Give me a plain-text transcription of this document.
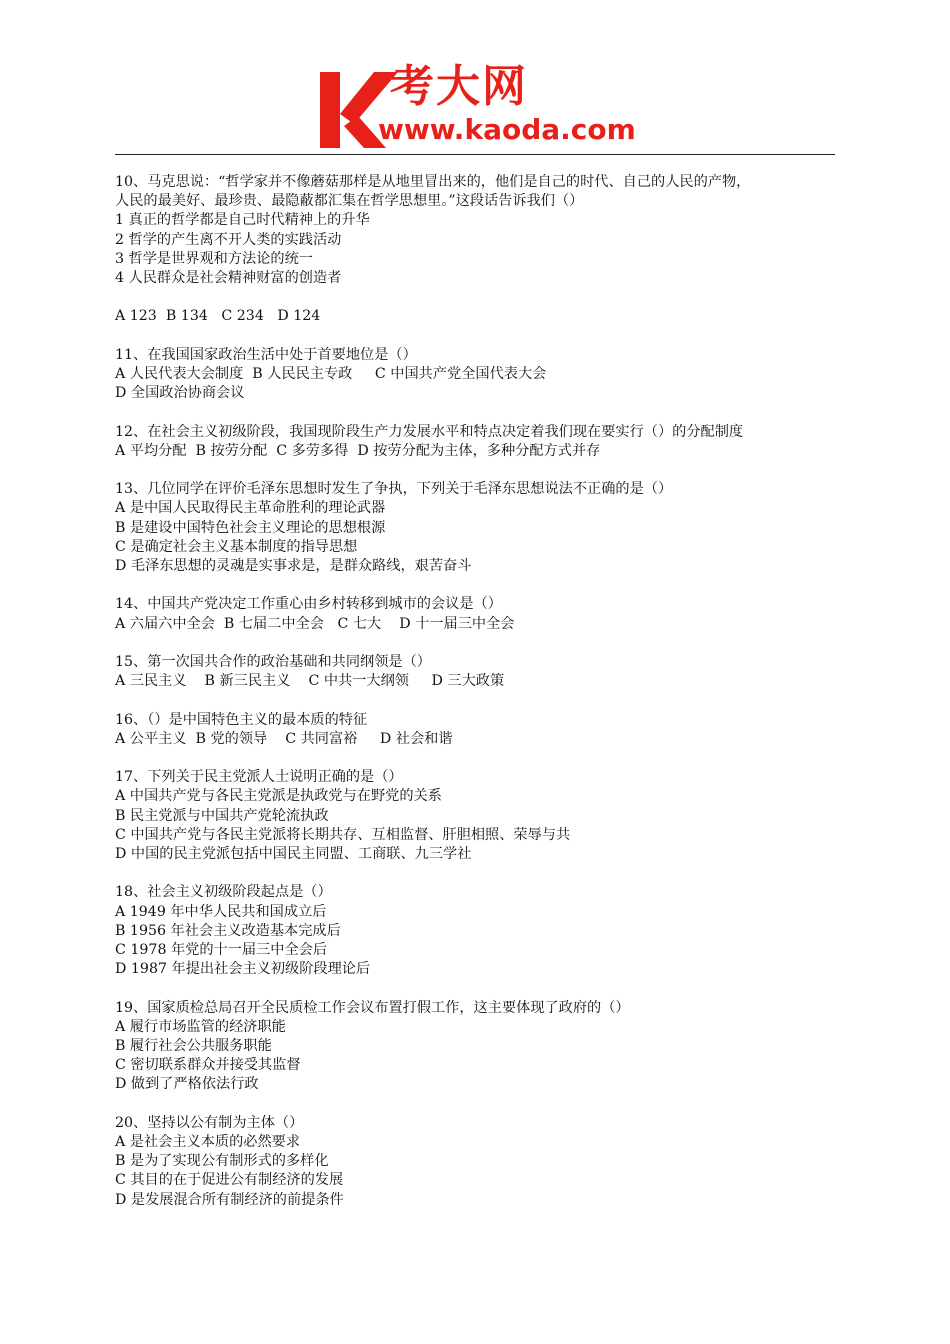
考大网
www.kaoda.com
10、马克思说：“哲学家并不像蘑菇那样是从地里冒出来的，他们是自己的时代、自己的人民的产物，
人民的最美好、最珍贵、最隐蔽都汇集在哲学思想里。”这段话告诉我们（）
1 真正的哲学都是自己时代精神上的升华
2 哲学的产生离不开人类的实践活动
3 哲学是世界观和方法论的统一
4 人民群众是社会精神财富的创造者
A 123  B 134   C 234   D 124
11、在我国国家政治生活中处于首要地位是（）
A 人民代表大会制度  B 人民民主专政     C 中国共产党全国代表大会
D 全国政治协商会议
12、在社会主义初级阶段，我国现阶段生产力发展水平和特点决定着我们现在要实行（）的分配制度
A 平均分配  B 按劳分配  C 多劳多得  D 按劳分配为主体，多种分配方式并存
13、几位同学在评价毛泽东思想时发生了争执，下列关于毛泽东思想说法不正确的是（）
A 是中国人民取得民主革命胜利的理论武器
B 是建设中国特色社会主义理论的思想根源
C 是确定社会主义基本制度的指导思想
D 毛泽东思想的灵魂是实事求是，是群众路线，艰苦奋斗
14、中国共产党决定工作重心由乡村转移到城市的会议是（）
A 六届六中全会  B 七届二中全会   C 七大    D 十一届三中全会
15、第一次国共合作的政治基础和共同纲领是（）
A 三民主义    B 新三民主义    C 中共一大纲领     D 三大政策
16、（）是中国特色主义的最本质的特征
A 公平主义  B 党的领导    C 共同富裕     D 社会和谐
17、下列关于民主党派人士说明正确的是（）
A 中国共产党与各民主党派是执政党与在野党的关系
B 民主党派与中国共产党轮流执政
C 中国共产党与各民主党派将长期共存、互相监督、肝胆相照、荣辱与共
D 中国的民主党派包括中国民主同盟、工商联、九三学社
18、社会主义初级阶段起点是（）
A 1949 年中华人民共和国成立后
B 1956 年社会主义改造基本完成后
C 1978 年党的十一届三中全会后
D 1987 年提出社会主义初级阶段理论后
19、国家质检总局召开全民质检工作会议布置打假工作，这主要体现了政府的（）
A 履行市场监管的经济职能
B 履行社会公共服务职能
C 密切联系群众并接受其监督
D 做到了严格依法行政
20、坚持以公有制为主体（）
A 是社会主义本质的必然要求
B 是为了实现公有制形式的多样化
C 其目的在于促进公有制经济的发展
D 是发展混合所有制经济的前提条件
